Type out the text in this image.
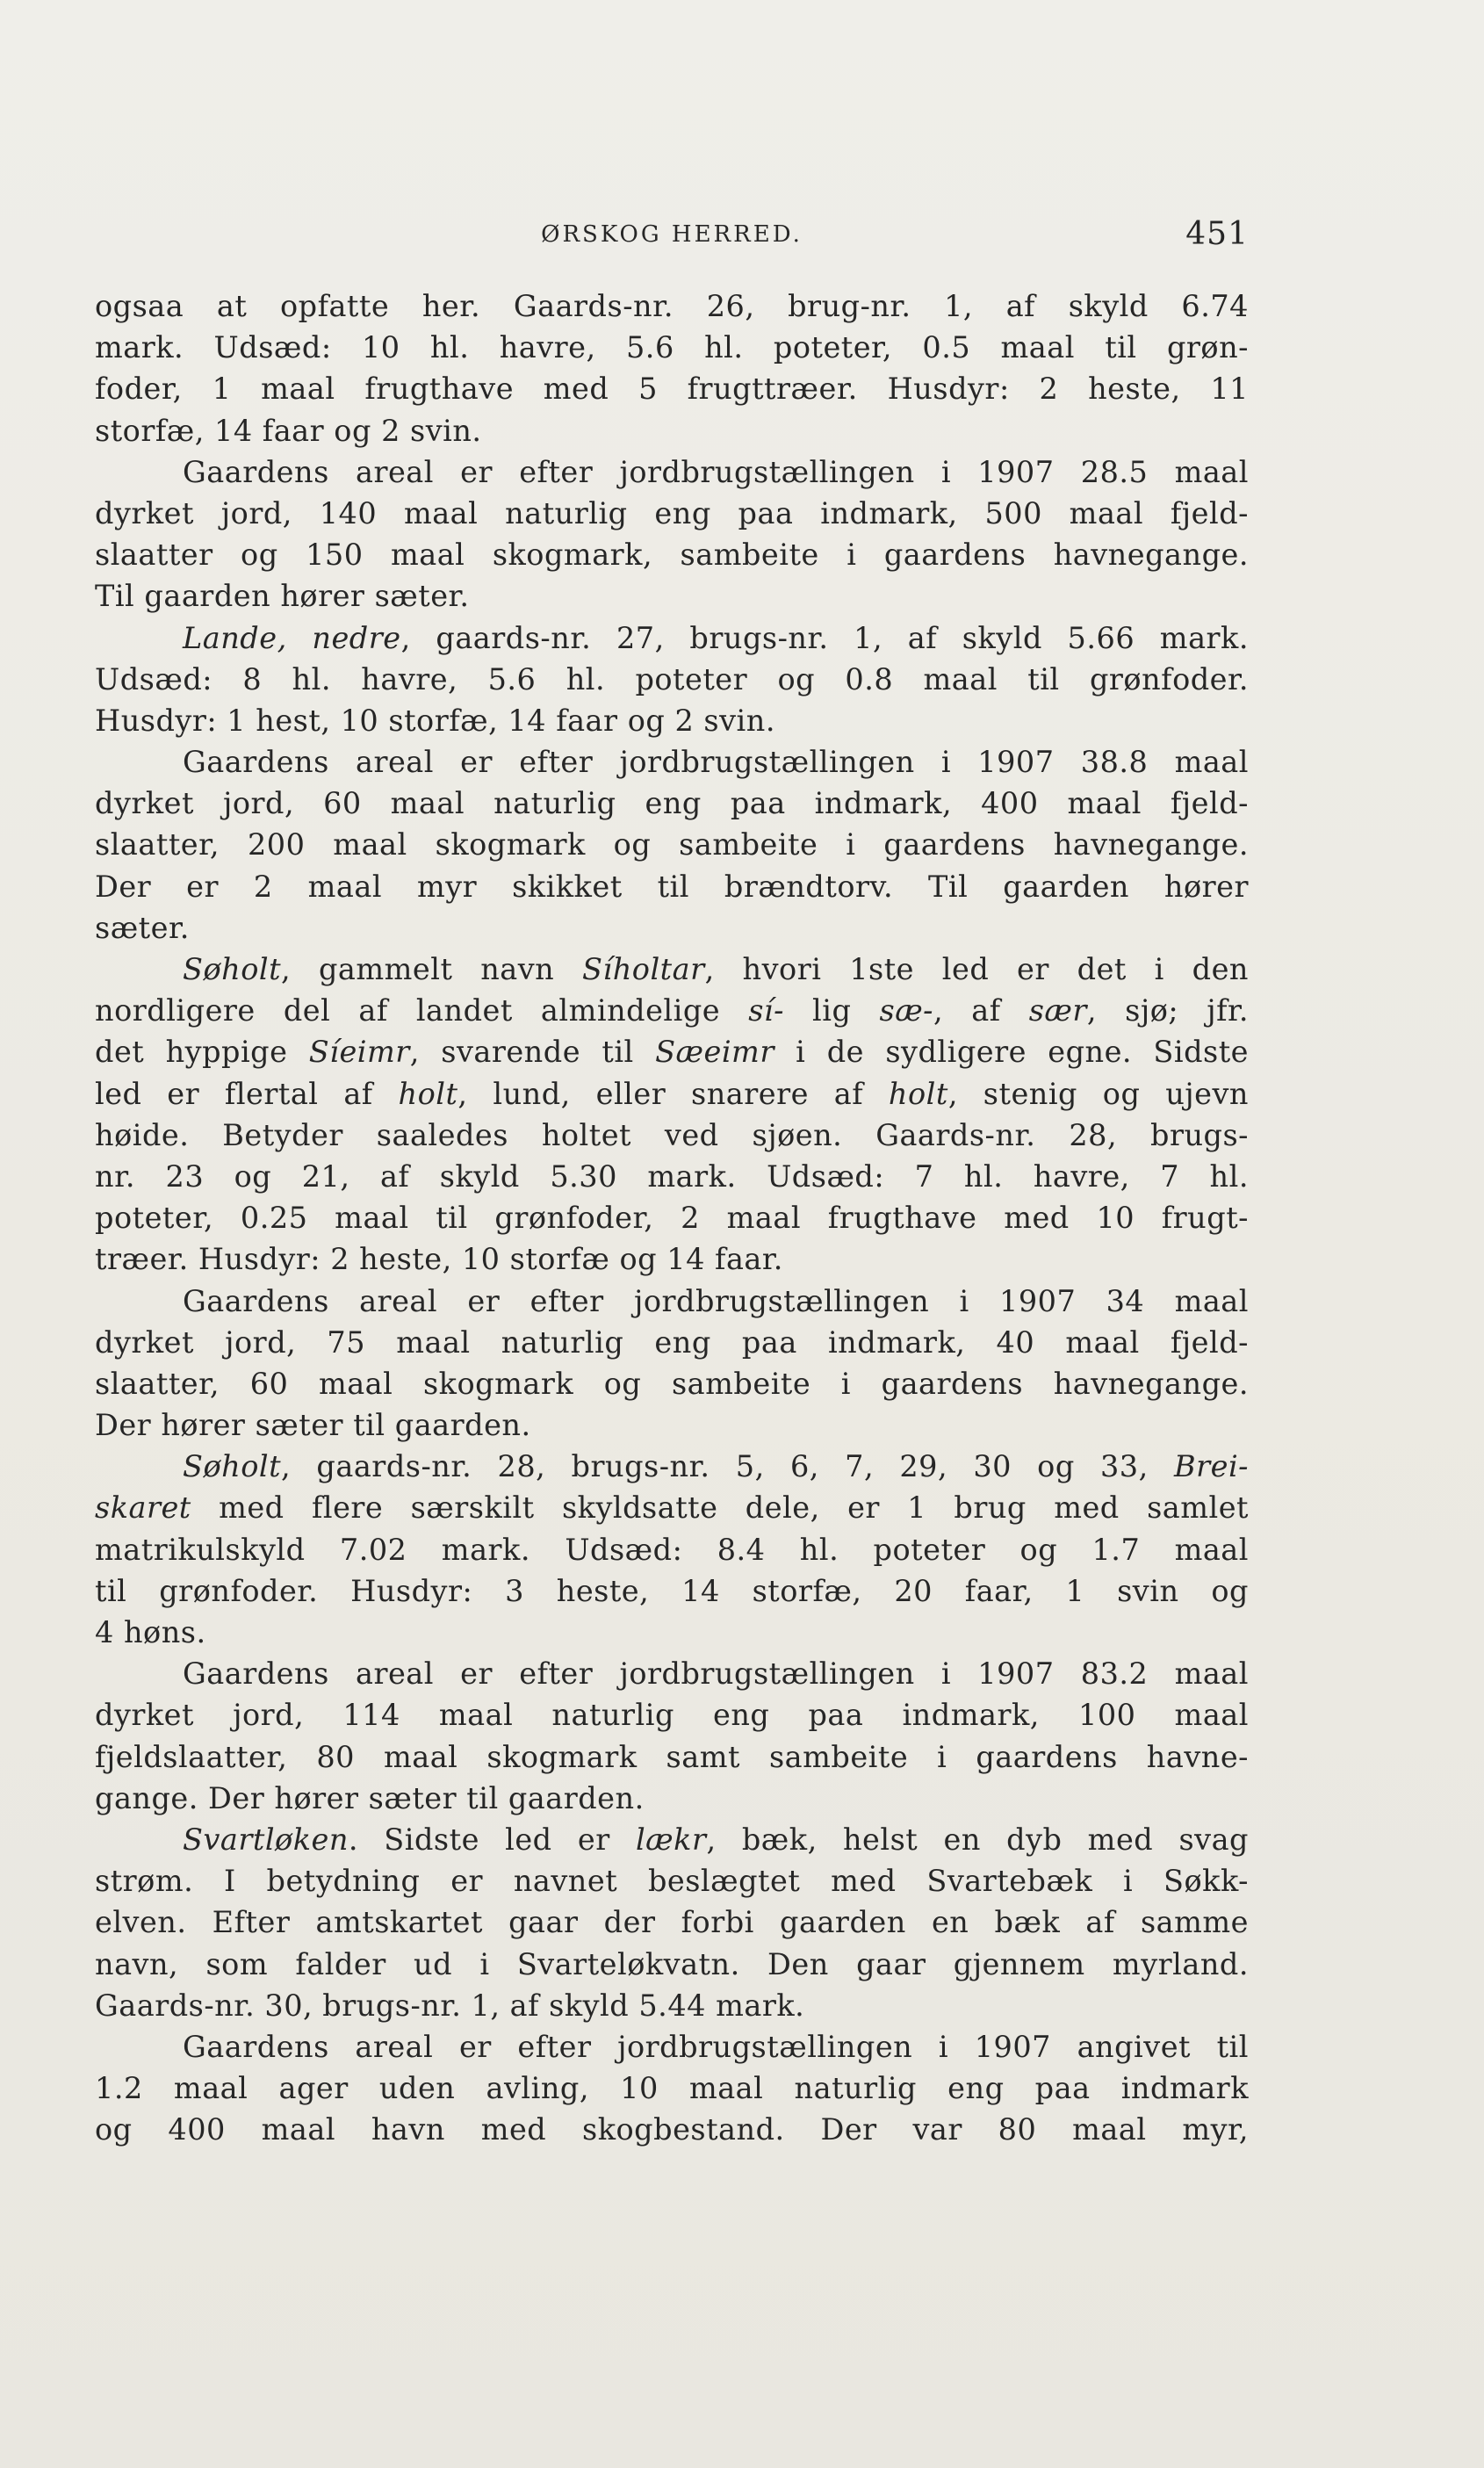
ØRSKOG HERRED.	451
ogsaa at opfatte her. Gaards-nr. 26, brug-nr. 1, af skyld 6.74
mark. Udsæd: 10 hl. havre, 5.6 hl. poteter, 0.5 maal til grøn-
foder, 1 maal frugthave med 5 frugttræer. Husdyr: 2 heste, 11
storfæ, 14 faar og 2 svin.
Gaardens areal er efter jordbrugstællingen i 1907 28.5 maal
dyrket jord, 140 maal naturlig eng paa indmark, 500 maal fjeld-
slaatter og 150 maal skogmark, sambeite i gaardens havnegange.
Til gaarden hører sæter.
Lande, nedre, gaards-nr. 27, brugs-nr. 1, af skyld 5.66 mark.
Udsæd: 8 hl. havre, 5.6 hl. poteter og 0.8 maal til grønfoder.
Husdyr: 1 hest, 10 storfæ, 14 faar og 2 svin.
Gaardens areal er efter jordbrugstællingen i 1907 38.8 maal
dyrket jord, 60 maal naturlig eng paa indmark, 400 maal fjeld-
slaatter, 200 maal skogmark og sambeite i gaardens havnegange.
Der er 2 maal myr skikket til brændtorv. Til gaarden hører
sæter.
Søholt, gammelt navn Síholtar, hvori 1ste led er det i den
nordligere del af landet almindelige sí- lig sæ-, af sær, sjø; jfr.
det hyppige Síeimr, svarende til Sæeimr i de sydligere egne. Sidste
led er flertal af holt, lund, eller snarere af holt, stenig og ujevn
høide. Betyder saaledes holtet ved sjøen. Gaards-nr. 28, brugs-
nr. 23 og 21, af skyld 5.30 mark. Udsæd: 7 hl. havre, 7 hl.
poteter, 0.25 maal til grønfoder, 2 maal frugthave med 10 frugt-
træer. Husdyr: 2 heste, 10 storfæ og 14 faar.
Gaardens areal er efter jordbrugstællingen i 1907 34 maal
dyrket jord, 75 maal naturlig eng paa indmark, 40 maal fjeld-
slaatter, 60 maal skogmark og sambeite i gaardens havnegange.
Der hører sæter til gaarden.
Søholt, gaards-nr. 28, brugs-nr. 5, 6, 7, 29, 30 og 33, Brei-
skaret med flere særskilt skyldsatte dele, er 1 brug med samlet
matrikulskyld 7.02 mark. Udsæd: 8.4 hl. poteter og 1.7 maal
til grønfoder. Husdyr: 3 heste, 14 storfæ, 20 faar, 1 svin og
4 høns.
Gaardens areal er efter jordbrugstællingen i 1907 83.2 maal
dyrket jord, 114 maal naturlig eng paa indmark, 100 maal
fjeldslaatter, 80 maal skogmark samt sambeite i gaardens havne-
gange. Der hører sæter til gaarden.
Svartløken. Sidste led er lækr, bæk, helst en dyb med svag
strøm. I betydning er navnet beslægtet med Svartebæk i Søkk-
elven. Efter amtskartet gaar der forbi gaarden en bæk af samme
navn, som falder ud i Svarteløkvatn. Den gaar gjennem myrland.
Gaards-nr. 30, brugs-nr. 1, af skyld 5.44 mark.
Gaardens areal er efter jordbrugstællingen i 1907 angivet til
1.2 maal ager uden avling, 10 maal naturlig eng paa indmark
og 400 maal havn med skogbestand. Der var 80 maal myr,
